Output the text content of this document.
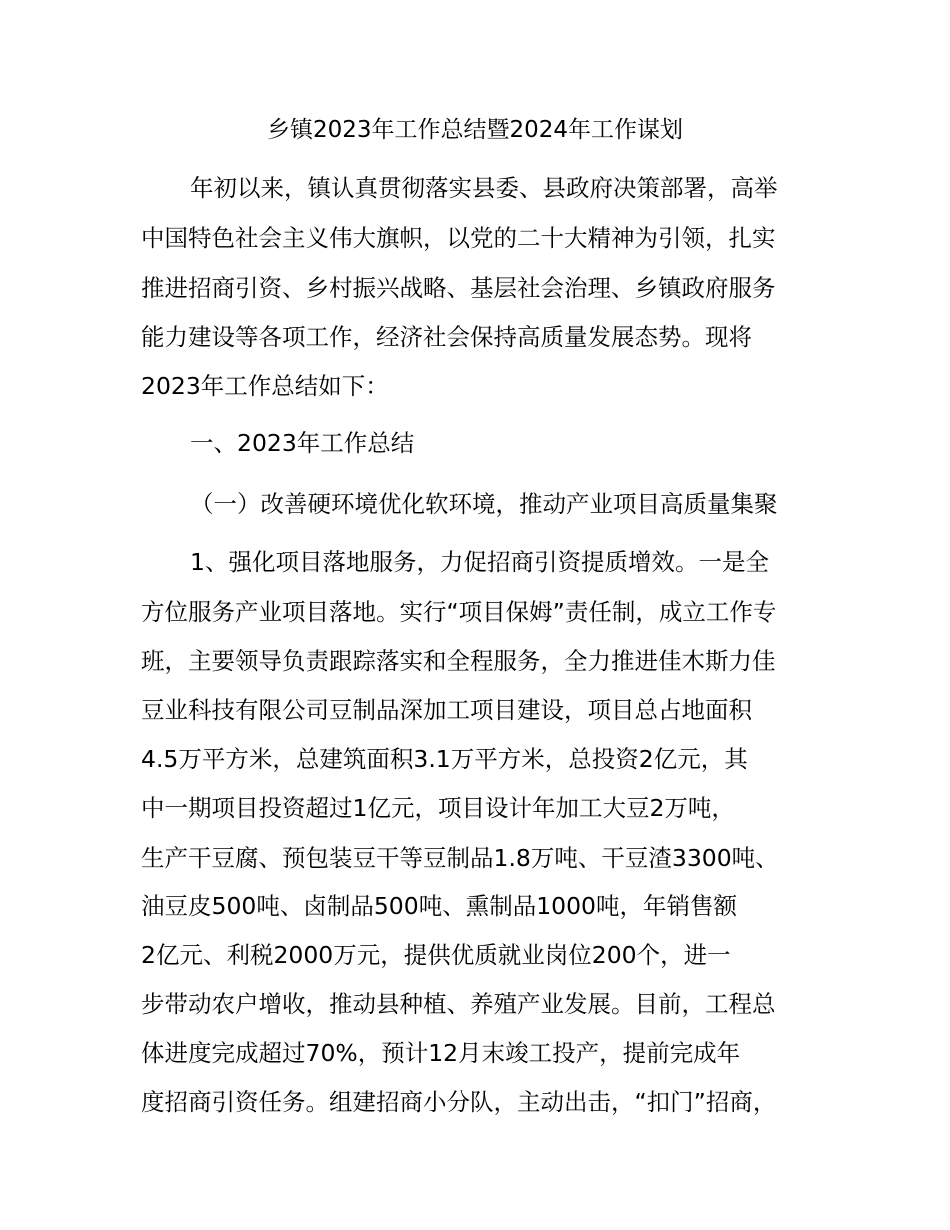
乡镇2023年工作总结暨2024年工作谋划
年初以来，镇认真贯彻落实县委、县政府决策部署，高举
中国特色社会主义伟大旗帜，以党的二十大精神为引领，扎实
推进招商引资、乡村振兴战略、基层社会治理、乡镇政府服务
能力建设等各项工作，经济社会保持高质量发展态势。现将
2023年工作总结如下：
一、2023年工作总结
（一）改善硬环境优化软环境，推动产业项目高质量集聚
1、强化项目落地服务，力促招商引资提质增效。一是全
方位服务产业项目落地。实行“项目保姆”责任制，成立工作专
班，主要领导负责跟踪落实和全程服务，全力推进佳木斯力佳
豆业科技有限公司豆制品深加工项目建设，项目总占地面积
4.5万平方米，总建筑面积3.1万平方米，总投资2亿元，其
中一期项目投资超过1亿元，项目设计年加工大豆2万吨，
生产干豆腐、预包装豆干等豆制品1.8万吨、干豆渣3300吨、
油豆皮500吨、卤制品500吨、熏制品1000吨，年销售额
2亿元、利税2000万元，提供优质就业岗位200个，进一
步带动农户增收，推动县种植、养殖产业发展。目前，工程总
体进度完成超过70%，预计12月末竣工投产，提前完成年
度招商引资任务。组建招商小分队，主动出击，“扣门”招商，
